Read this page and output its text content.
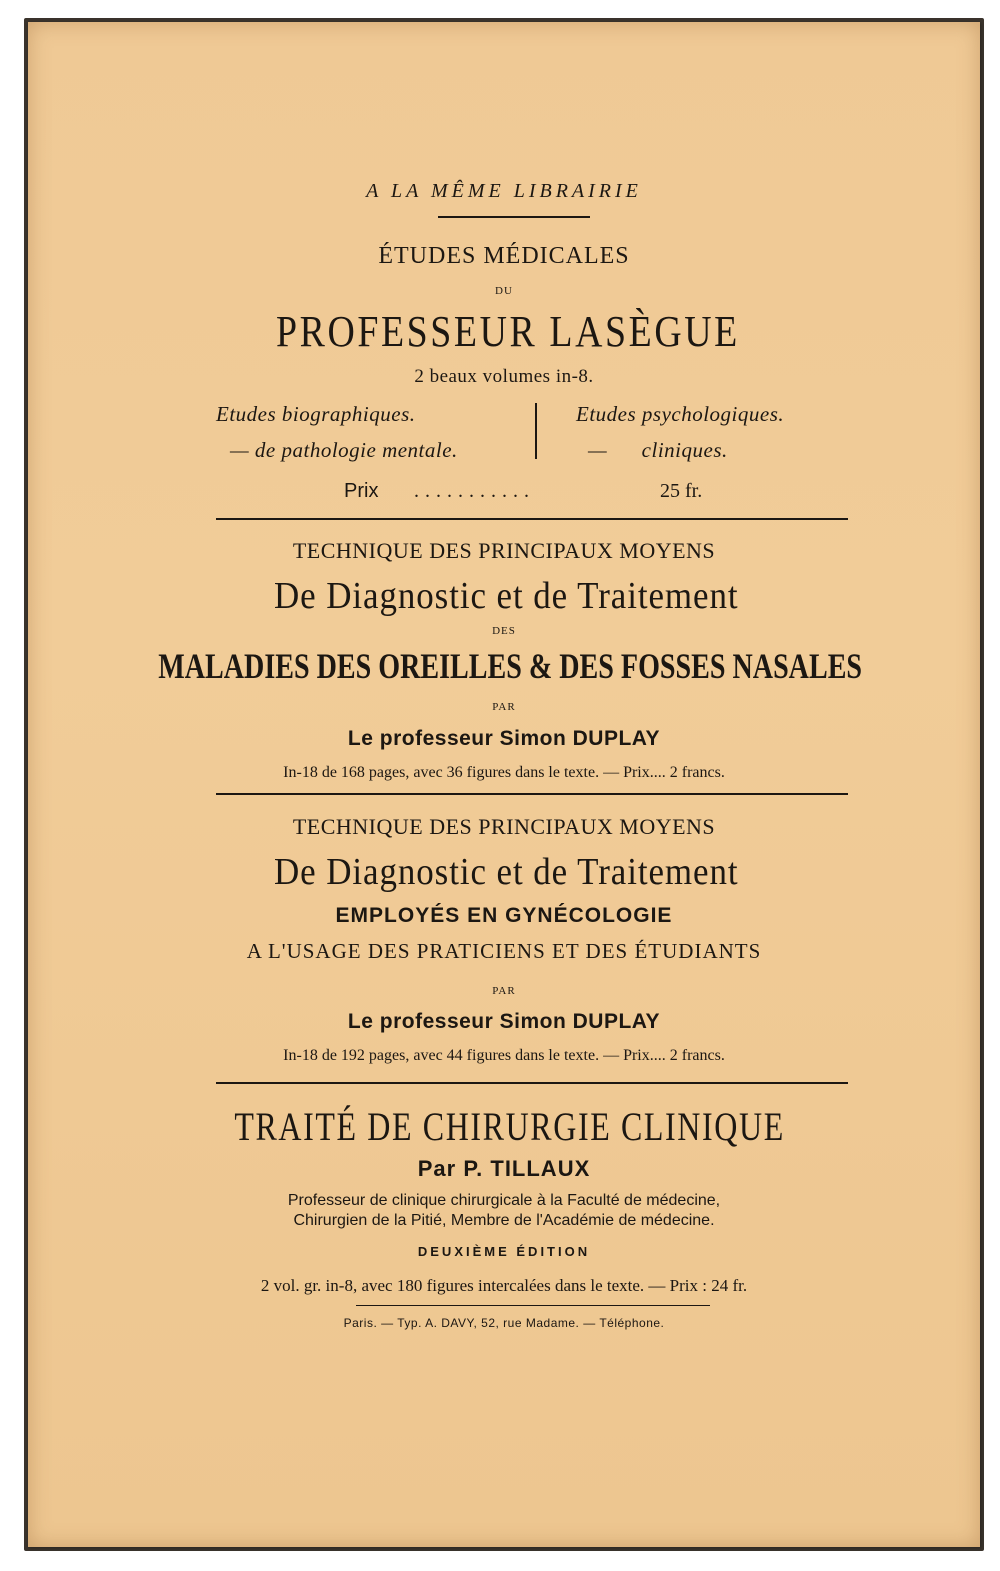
A LA MÊME LIBRAIRIE
ÉTUDES MÉDICALES
DU
PROFESSEUR LASÈGUE
2 beaux volumes in-8.
Etudes biographiques.
— de pathologie mentale.
Etudes psychologiques.
—      cliniques.
Prix ...........	25 fr.
TECHNIQUE DES PRINCIPAUX MOYENS
De Diagnostic et de Traitement
DES
MALADIES DES OREILLES & DES FOSSES NASALES
PAR
Le professeur Simon DUPLAY
In-18 de 168 pages, avec 36 figures dans le texte. — Prix.... 2 francs.
TECHNIQUE DES PRINCIPAUX MOYENS
De Diagnostic et de Traitement
EMPLOYÉS EN GYNÉCOLOGIE
A L'USAGE DES PRATICIENS ET DES ÉTUDIANTS
PAR
Le professeur Simon DUPLAY
In-18 de 192 pages, avec 44 figures dans le texte. — Prix.... 2 francs.
TRAITÉ DE CHIRURGIE CLINIQUE
Par P. TILLAUX
Professeur de clinique chirurgicale à la Faculté de médecine,
Chirurgien de la Pitié, Membre de l'Académie de médecine.
DEUXIÈME ÉDITION
2 vol. gr. in-8, avec 180 figures intercalées dans le texte. — Prix : 24 fr.
Paris. — Typ. A. DAVY, 52, rue Madame. — Téléphone.
